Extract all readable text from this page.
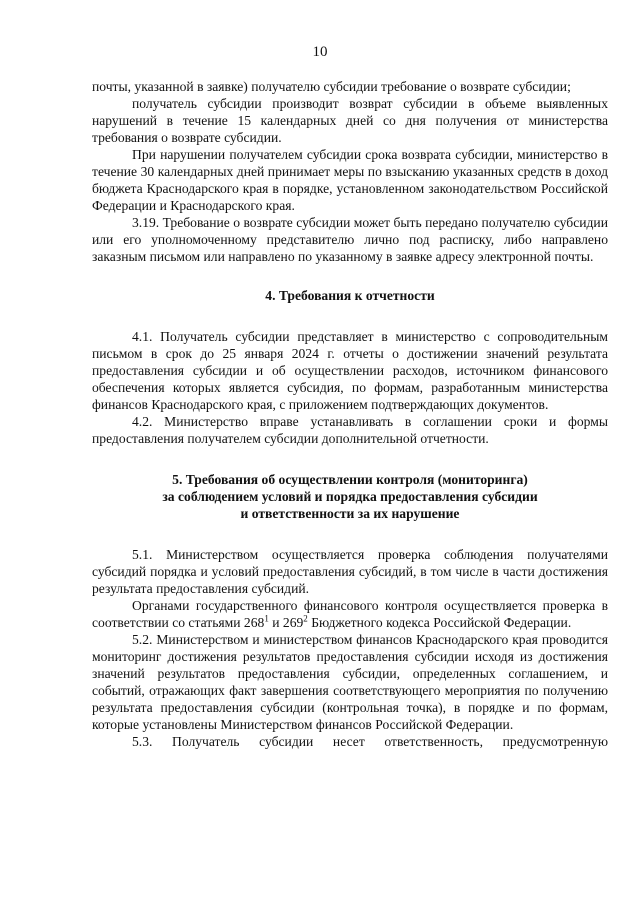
10

почты, указанной в заявке) получателю субсидии требование о возврате субсидии;

получатель субсидии производит возврат субсидии в объеме выявленных нарушений в течение 15 календарных дней со дня получения от министерства требования о возврате субсидии.

При нарушении получателем субсидии срока возврата субсидии, министерство в течение 30 календарных дней принимает меры по взысканию указанных средств в доход бюджета Краснодарского края в порядке, установленном законодательством Российской Федерации и Краснодарского края.

3.19. Требование о возврате субсидии может быть передано получателю субсидии или его уполномоченному представителю лично под расписку, либо направлено заказным письмом или направлено по указанному в заявке адресу электронной почты.

4. Требования к отчетности

4.1. Получатель субсидии представляет в министерство с сопроводительным письмом в срок до 25 января 2024 г. отчеты о достижении значений результата предоставления субсидии и об осуществлении расходов, источником финансового обеспечения которых является субсидия, по формам, разработанным министерства финансов Краснодарского края, с приложением подтверждающих документов.

4.2. Министерство вправе устанавливать в соглашении сроки и формы предоставления получателем субсидии дополнительной отчетности.

5. Требования об осуществлении контроля (мониторинга)
за соблюдением условий и порядка предоставления субсидии
и ответственности за их нарушение

5.1. Министерством осуществляется проверка соблюдения получателями субсидий порядка и условий предоставления субсидий, в том числе в части достижения результата предоставления субсидий.

Органами государственного финансового контроля осуществляется проверка в соответствии со статьями $268^1$ и $269^2$ Бюджетного кодекса Российской Федерации.

5.2. Министерством и министерством финансов Краснодарского края проводится мониторинг достижения результатов предоставления субсидии исходя из достижения значений результатов предоставления субсидии, определенных соглашением, и событий, отражающих факт завершения соответствующего мероприятия по получению результата предоставления субсидии (контрольная точка), в порядке и по формам, которые установлены Министерством финансов Российской Федерации.

5.3. Получатель субсидии несет ответственность, предусмотренную
